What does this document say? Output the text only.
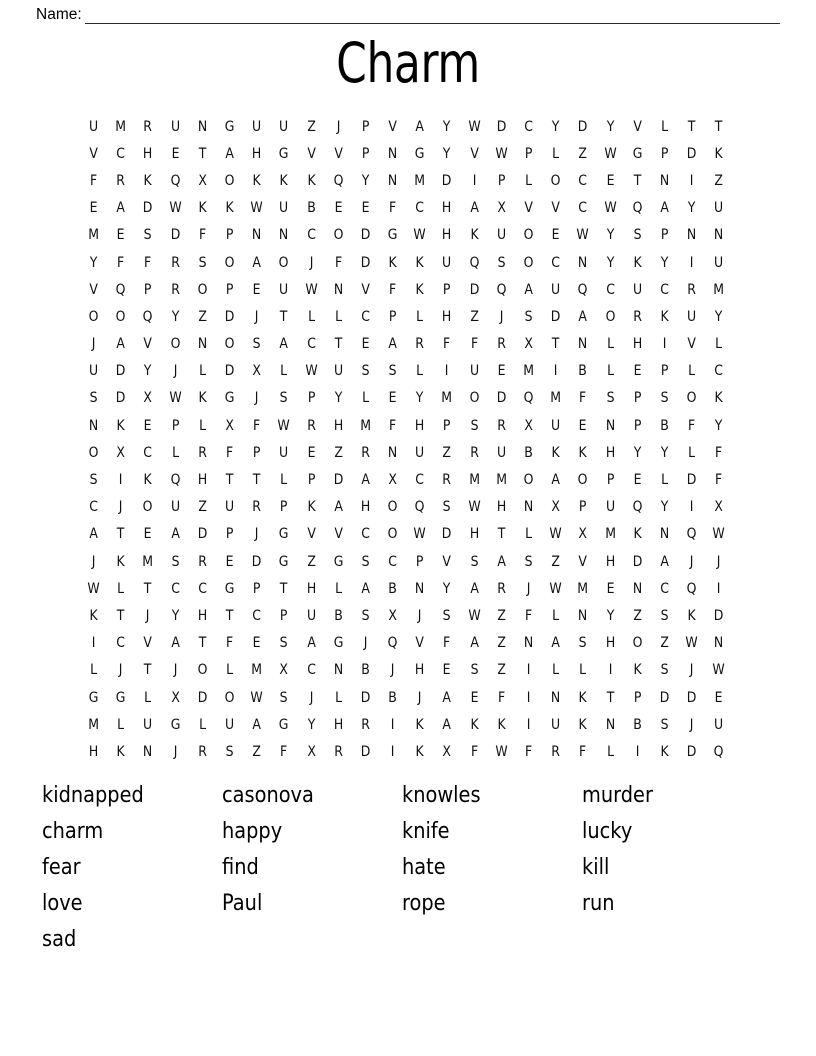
Name:
Charm
U	M	R	U	N	G	U	U	Z	J	P	V	A	Y	W	D	C	Y	D	Y	V	L	T	T
V	C	H	E	T	A	H	G	V	V	P	N	G	Y	V	W	P	L	Z	W	G	P	D	K
F	R	K	Q	X	O	K	K	K	Q	Y	N	M	D	I	P	L	O	C	E	T	N	I	Z
E	A	D	W	K	K	W	U	B	E	E	F	C	H	A	X	V	V	C	W	Q	A	Y	U
M	E	S	D	F	P	N	N	C	O	D	G	W	H	K	U	O	E	W	Y	S	P	N	N
Y	F	F	R	S	O	A	O	J	F	D	K	K	U	Q	S	O	C	N	Y	K	Y	I	U
V	Q	P	R	O	P	E	U	W	N	V	F	K	P	D	Q	A	U	Q	C	U	C	R	M
O	O	Q	Y	Z	D	J	T	L	L	C	P	L	H	Z	J	S	D	A	O	R	K	U	Y
J	A	V	O	N	O	S	A	C	T	E	A	R	F	F	R	X	T	N	L	H	I	V	L
U	D	Y	J	L	D	X	L	W	U	S	S	L	I	U	E	M	I	B	L	E	P	L	C
S	D	X	W	K	G	J	S	P	Y	L	E	Y	M	O	D	Q	M	F	S	P	S	O	K
N	K	E	P	L	X	F	W	R	H	M	F	H	P	S	R	X	U	E	N	P	B	F	Y
O	X	C	L	R	F	P	U	E	Z	R	N	U	Z	R	U	B	K	K	H	Y	Y	L	F
S	I	K	Q	H	T	T	L	P	D	A	X	C	R	M	M	O	A	O	P	E	L	D	F
C	J	O	U	Z	U	R	P	K	A	H	O	Q	S	W	H	N	X	P	U	Q	Y	I	X
A	T	E	A	D	P	J	G	V	V	C	O	W	D	H	T	L	W	X	M	K	N	Q	W
J	K	M	S	R	E	D	G	Z	G	S	C	P	V	S	A	S	Z	V	H	D	A	J	J
W	L	T	C	C	G	P	T	H	L	A	B	N	Y	A	R	J	W	M	E	N	C	Q	I
K	T	J	Y	H	T	C	P	U	B	S	X	J	S	W	Z	F	L	N	Y	Z	S	K	D
I	C	V	A	T	F	E	S	A	G	J	Q	V	F	A	Z	N	A	S	H	O	Z	W	N
L	J	T	J	O	L	M	X	C	N	B	J	H	E	S	Z	I	L	L	I	K	S	J	W
G	G	L	X	D	O	W	S	J	L	D	B	J	A	E	F	I	N	K	T	P	D	D	E
M	L	U	G	L	U	A	G	Y	H	R	I	K	A	K	K	I	U	K	N	B	S	J	U
H	K	N	J	R	S	Z	F	X	R	D	I	K	X	F	W	F	R	F	L	I	K	D	Q
kidnapped
charm
fear
love
sad
casonova
happy
find
Paul
knowles
knife
hate
rope
murder
lucky
kill
run
